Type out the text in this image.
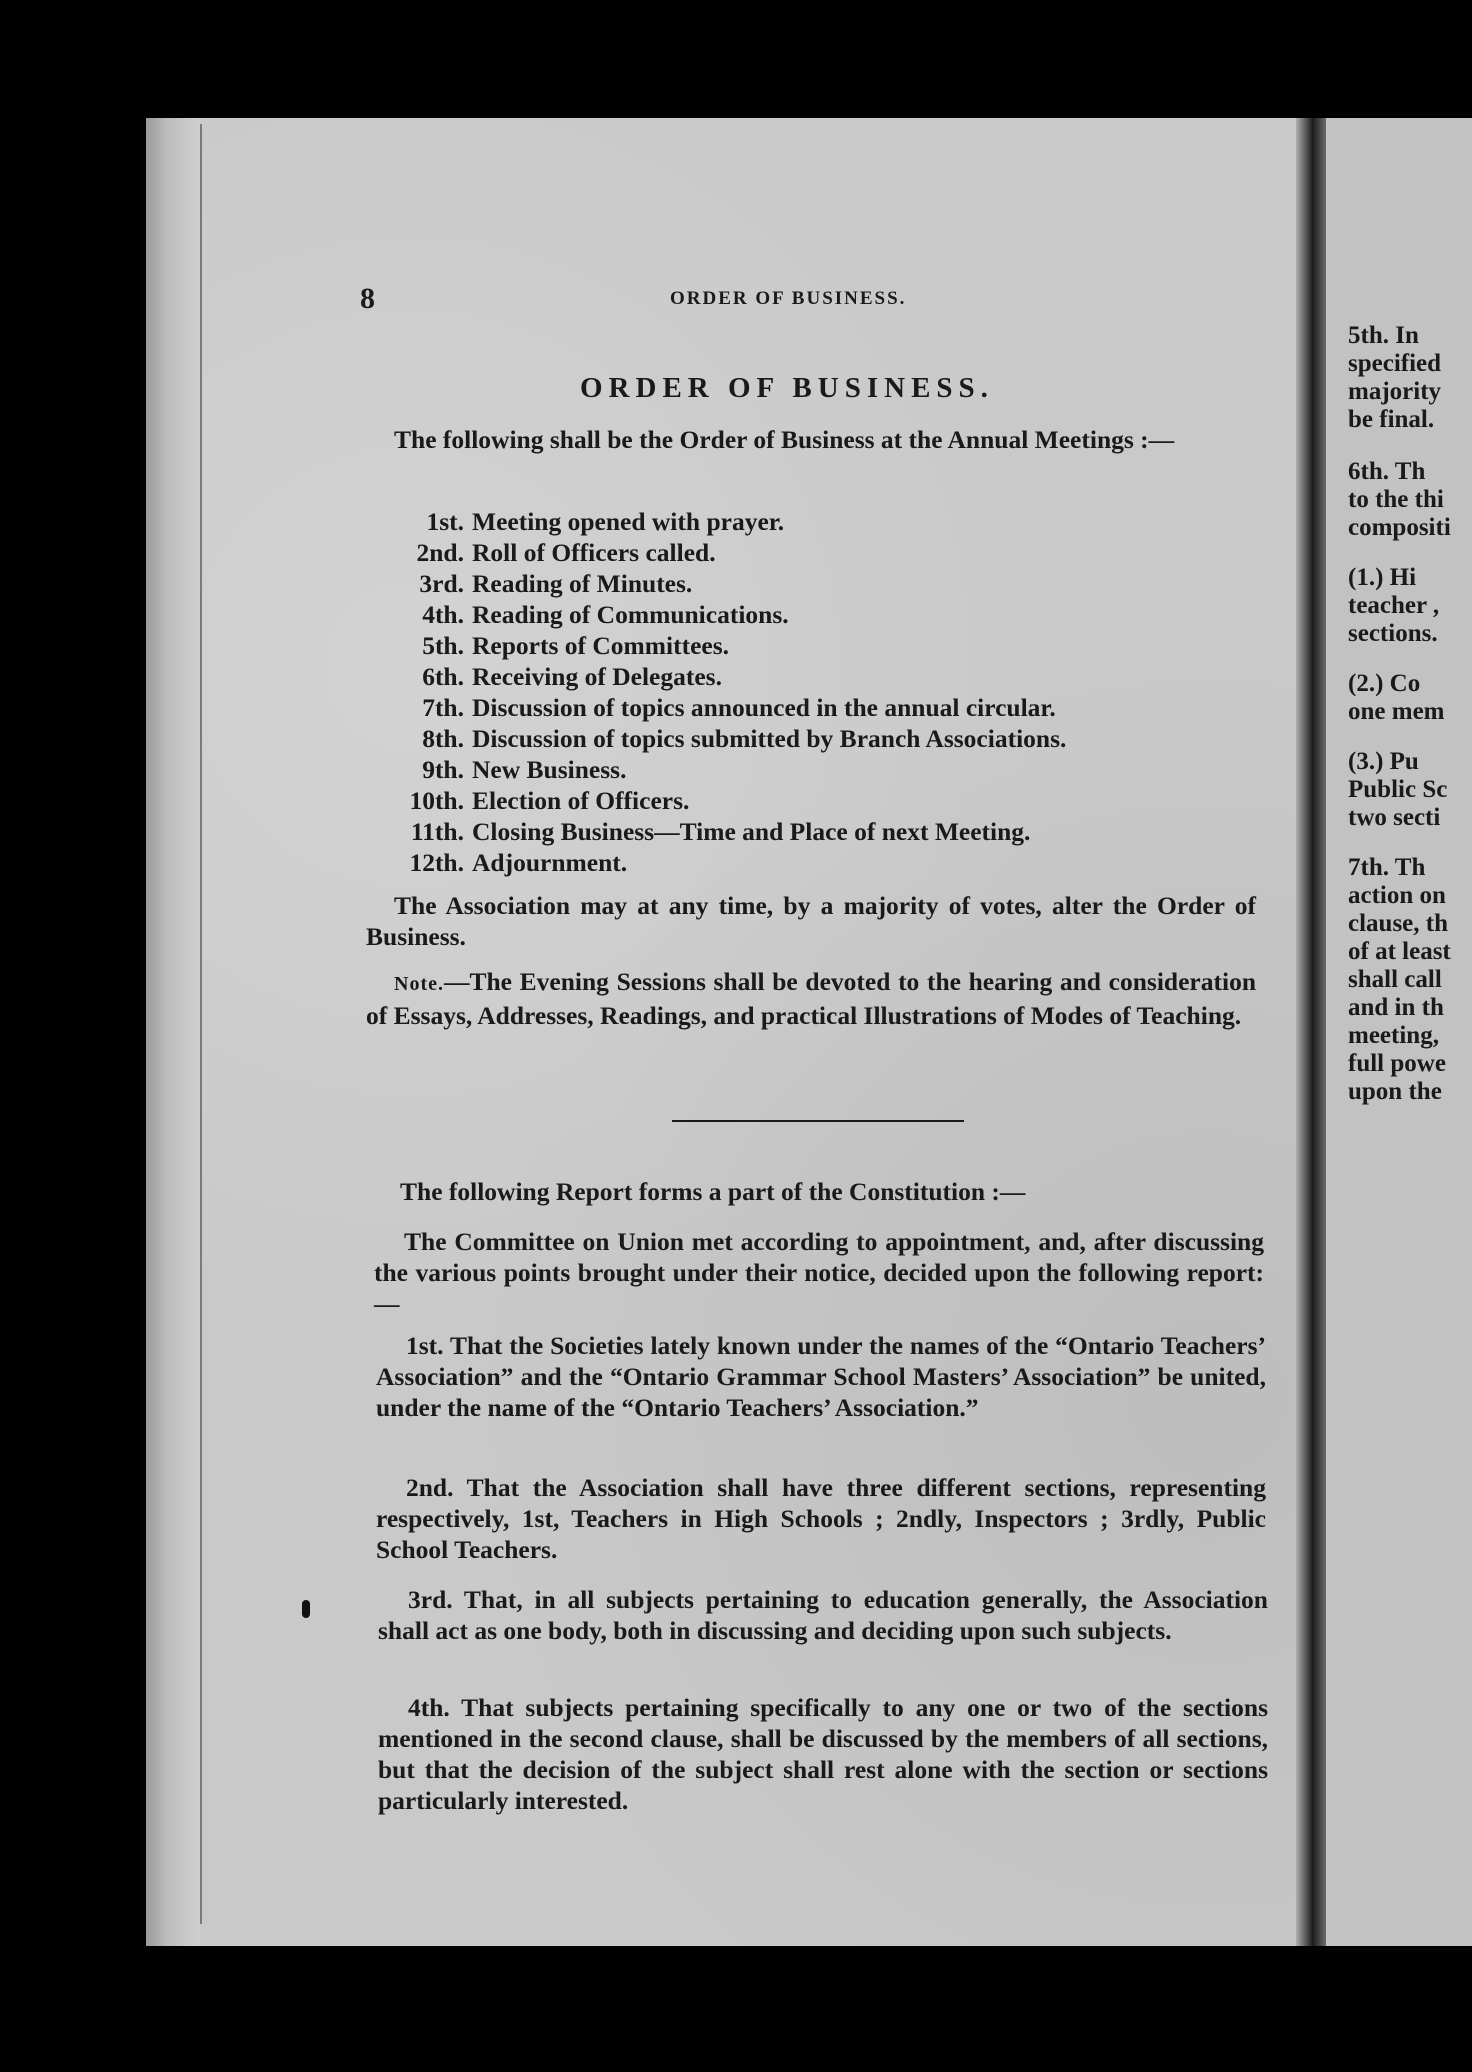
5th. In
specified
majority
be final.
6th. Th
to the thi
compositi
(1.) Hi
teacher ,
sections.
(2.) Co
one mem
(3.) Pu
Public Sc
two secti
7th. Th
action on
clause, th
of at least
shall call
and in th
meeting,
full powe
upon the
8	ORDER OF BUSINESS.
ORDER OF BUSINESS.
The following shall be the Order of Business at the Annual Meetings :—
1st. Meeting opened with prayer.
2nd. Roll of Officers called.
3rd. Reading of Minutes.
4th. Reading of Communications.
5th. Reports of Committees.
6th. Receiving of Delegates.
7th. Discussion of topics announced in the annual circular.
8th. Discussion of topics submitted by Branch Associations.
9th. New Business.
10th. Election of Officers.
11th. Closing Business—Time and Place of next Meeting.
12th. Adjournment.
The Association may at any time, by a majority of votes, alter the Order of Business.
Note.—The Evening Sessions shall be devoted to the hearing and consideration of Essays, Addresses, Readings, and practical Illustrations of Modes of Teaching.
The following Report forms a part of the Constitution :—
The Committee on Union met according to appointment, and, after discussing the various points brought under their notice, decided upon the following report:—
1st. That the Societies lately known under the names of the “Ontario Teachers’ Association” and the “Ontario Grammar School Masters’ Association” be united, under the name of the “Ontario Teachers’ Association.”
2nd. That the Association shall have three different sections, representing respectively, 1st, Teachers in High Schools ; 2ndly, Inspectors ; 3rdly, Public School Teachers.
3rd. That, in all subjects pertaining to education generally, the Association shall act as one body, both in discussing and deciding upon such subjects.
4th. That subjects pertaining specifically to any one or two of the sections mentioned in the second clause, shall be discussed by the members of all sections, but that the decision of the subject shall rest alone with the section or sections particularly interested.
